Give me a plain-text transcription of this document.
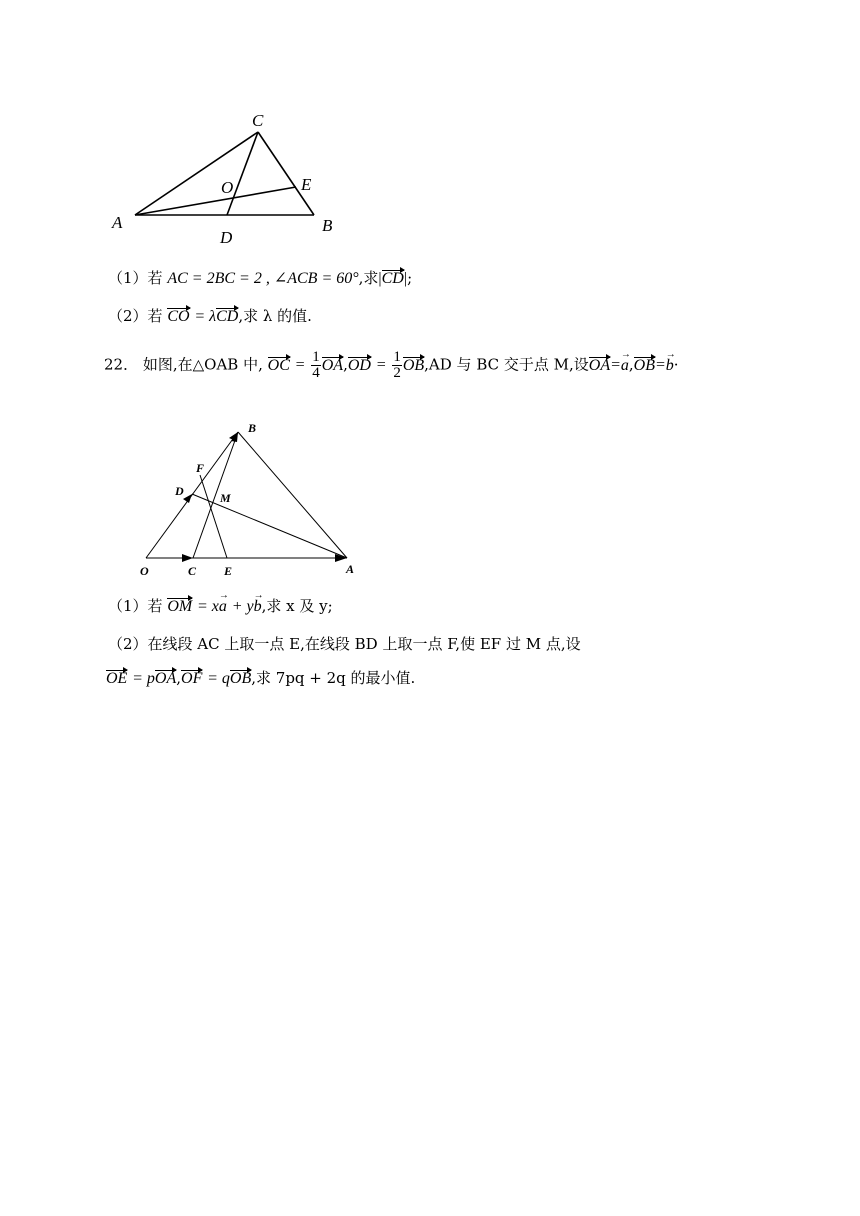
C
A	B
D
E
O
（1）若 AC = 2BC = 2 , ∠ACB = 60°,求|CD|;
（2）若 CO = λCD,求 λ 的值.
22． 如图,在△OAB 中, OC = $\frac{1}{4} OA,OD = \frac{1}{2} OB,AD$ 与 BC 交于点 M,设OA=→ a,OB=→ b·
O	C E	A
B
D
F
M
（1）若 OM = x→ a + y→ b,求 x 及 y;
（2）在线段 AC 上取一点 E,在线段 BD 上取一点 F,使 EF 过 M 点,设
OE = pOA,OF = qOB,求 7pq + 2q 的最小值.
